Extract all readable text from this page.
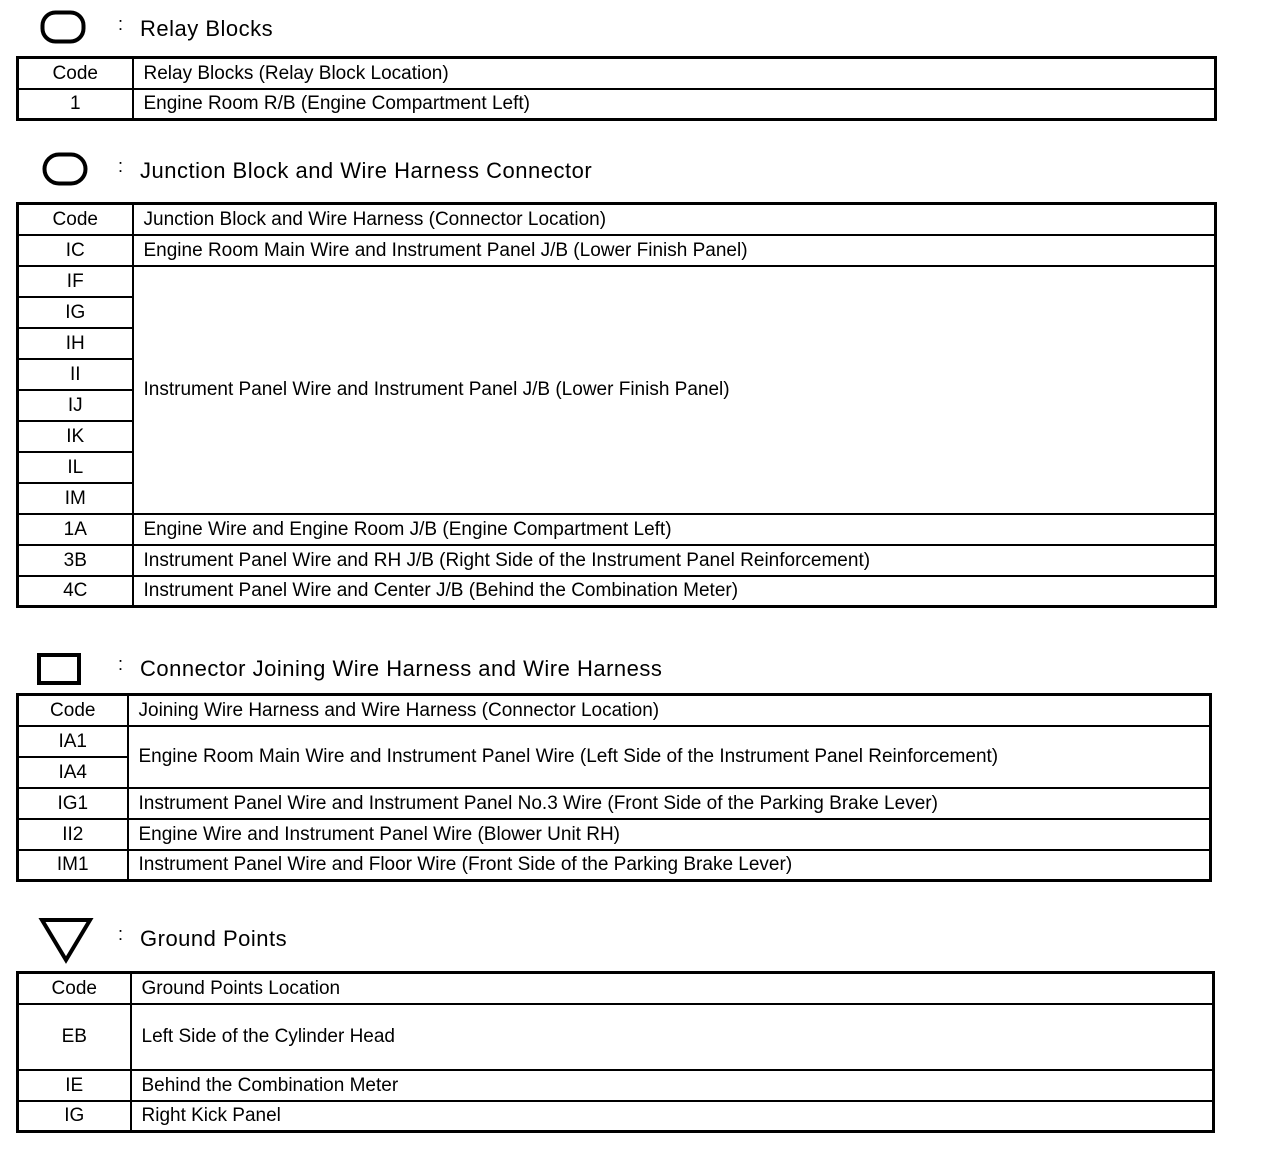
: Relay Blocks
Code	Relay Blocks (Relay Block Location)
1	Engine Room R/B (Engine Compartment Left)
: Junction Block and Wire Harness Connector
Code	Junction Block and Wire Harness (Connector Location)
IC	Engine Room Main Wire and Instrument Panel J/B (Lower Finish Panel)
IF	Instrument Panel Wire and Instrument Panel J/B (Lower Finish Panel)
IG	
IH	
II	
IJ	
IK	
IL	
IM	
1A	Engine Wire and Engine Room J/B (Engine Compartment Left)
3B	Instrument Panel Wire and RH J/B (Right Side of the Instrument Panel Reinforcement)
4C	Instrument Panel Wire and Center J/B (Behind the Combination Meter)
: Connector Joining Wire Harness and Wire Harness
Code	Joining Wire Harness and Wire Harness (Connector Location)
IA1	Engine Room Main Wire and Instrument Panel Wire (Left Side of the Instrument Panel Reinforcement)
IA4	
IG1	Instrument Panel Wire and Instrument Panel No.3 Wire (Front Side of the Parking Brake Lever)
II2	Engine Wire and Instrument Panel Wire (Blower Unit RH)
IM1	Instrument Panel Wire and Floor Wire (Front Side of the Parking Brake Lever)
: Ground Points
Code	Ground Points Location
EB	Left Side of the Cylinder Head
IE	Behind the Combination Meter
IG	Right Kick Panel
